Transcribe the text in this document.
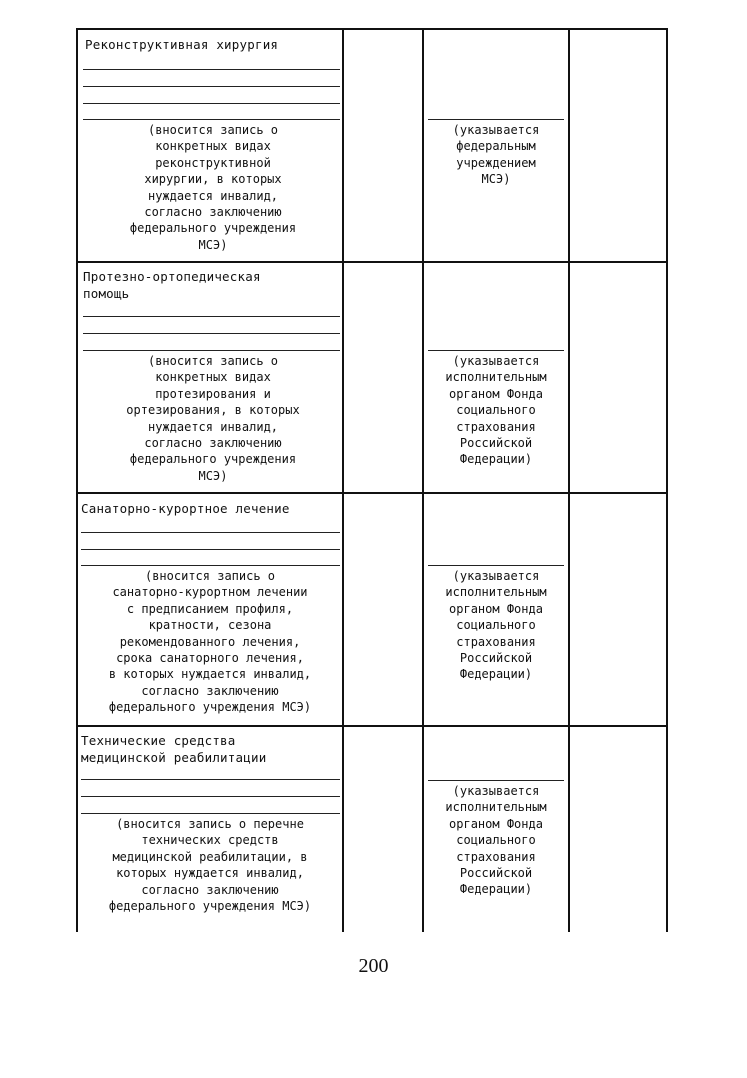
Реконструктивная хирургия
(вносится запись о
конкретных видах
реконструктивной
хирургии, в которых
нуждается инвалид,
согласно заключению
федерального учреждения
МСЭ)
(указывается
федеральным
учреждением
МСЭ)
Протезно-ортопедическая
помощь
(вносится запись о
конкретных видах
протезирования и
ортезирования, в которых
нуждается инвалид,
согласно заключению
федерального учреждения
МСЭ)
(указывается
исполнительным
органом Фонда
социального
страхования
Российской
Федерации)
Санаторно-курортное лечение
(вносится запись о
санаторно-курортном лечении
с предписанием профиля,
кратности, сезона
рекомендованного лечения,
срока санаторного лечения,
в которых нуждается инвалид,
согласно заключению
федерального учреждения МСЭ)
(указывается
исполнительным
органом Фонда
социального
страхования
Российской
Федерации)
Технические средства
медицинской реабилитации
(вносится запись о перечне
технических средств
медицинской реабилитации, в
которых нуждается инвалид,
согласно заключению
федерального учреждения МСЭ)
(указывается
исполнительным
органом Фонда
социального
страхования
Российской
Федерации)
200
